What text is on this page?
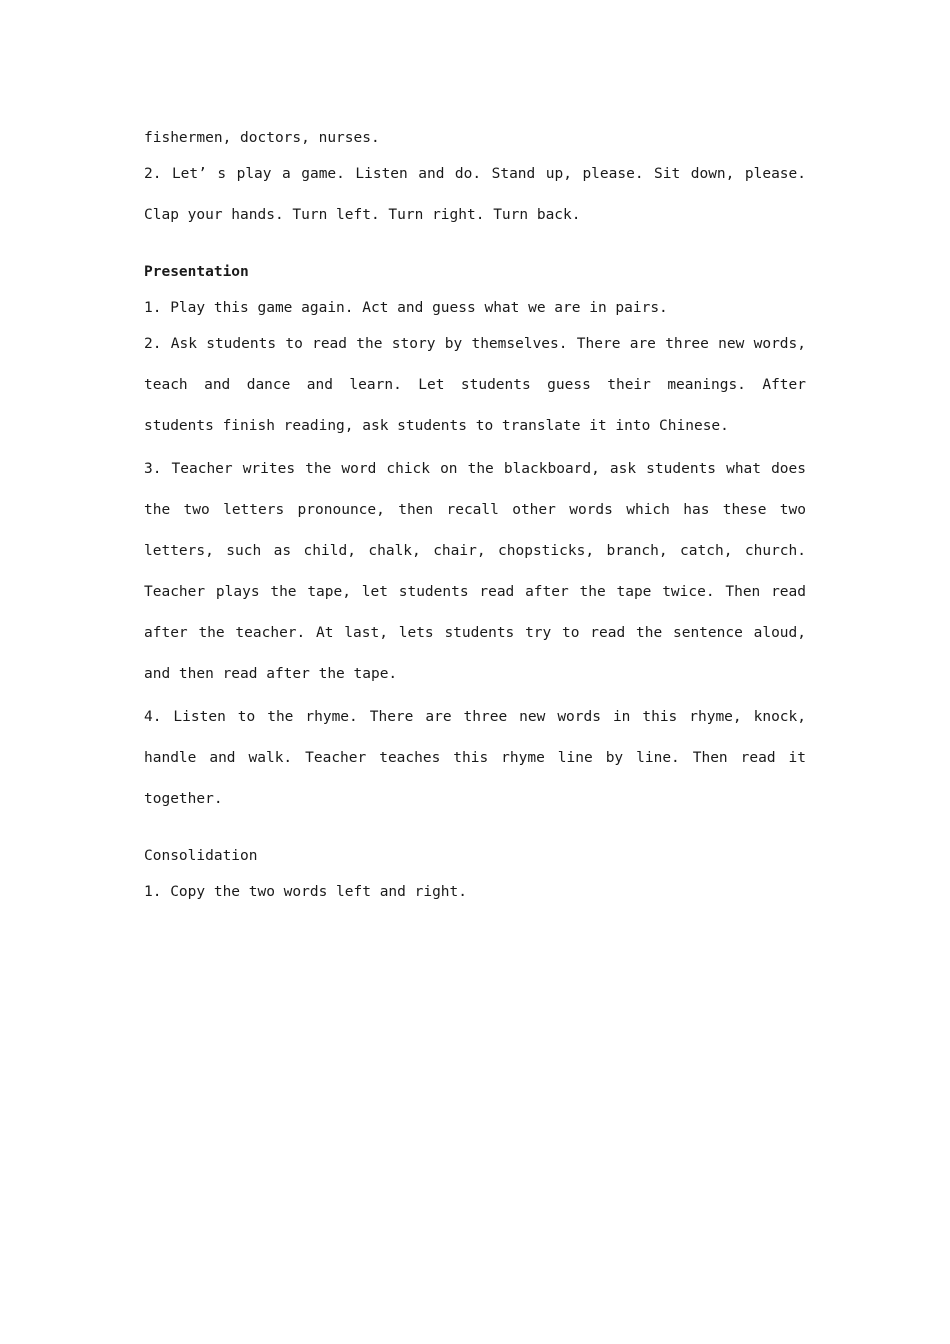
fishermen, doctors, nurses.

2. Let’ s play a game. Listen and do. Stand up, please. Sit down, please. Clap your hands. Turn left. Turn right. Turn back.

Presentation

1. Play this game again. Act and guess what we are in pairs.

2. Ask students to read the story by themselves. There are three new words, teach and dance and learn. Let students guess their meanings. After students finish reading, ask students to translate it into Chinese.

3. Teacher writes the word chick on the blackboard, ask students what does the two letters pronounce, then recall other words which has these two letters, such as child, chalk, chair, chopsticks, branch, catch, church. Teacher plays the tape, let students read after the tape twice. Then read after the teacher. At last, lets students try to read the sentence aloud, and then read after the tape.

4. Listen to the rhyme. There are three new words in this rhyme, knock, handle and walk. Teacher teaches this rhyme line by line. Then read it together.

Consolidation

1. Copy the two words left and right.
